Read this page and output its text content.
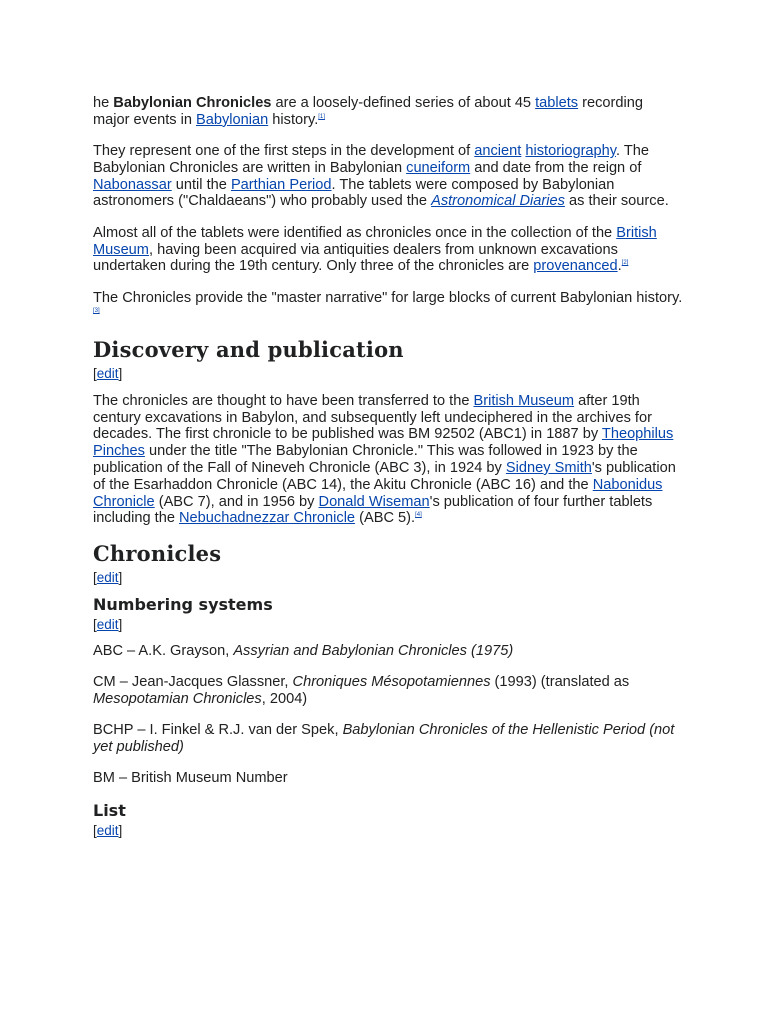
he Babylonian Chronicles are a loosely-defined series of about 45 tablets recording major events in Babylonian history.[1]

They represent one of the first steps in the development of ancient historiography. The Babylonian Chronicles are written in Babylonian cuneiform and date from the reign of Nabonassar until the Parthian Period. The tablets were composed by Babylonian astronomers ("Chaldaeans") who probably used the Astronomical Diaries as their source.

Almost all of the tablets were identified as chronicles once in the collection of the British Museum, having been acquired via antiquities dealers from unknown excavations undertaken during the 19th century. Only three of the chronicles are provenanced.[2]

The Chronicles provide the "master narrative" for large blocks of current Babylonian history.[3]

Discovery and publication
[edit]

The chronicles are thought to have been transferred to the British Museum after 19th century excavations in Babylon, and subsequently left undeciphered in the archives for decades. The first chronicle to be published was BM 92502 (ABC1) in 1887 by Theophilus Pinches under the title "The Babylonian Chronicle." This was followed in 1923 by the publication of the Fall of Nineveh Chronicle (ABC 3), in 1924 by Sidney Smith's publication of the Esarhaddon Chronicle (ABC 14), the Akitu Chronicle (ABC 16) and the Nabonidus Chronicle (ABC 7), and in 1956 by Donald Wiseman's publication of four further tablets including the Nebuchadnezzar Chronicle (ABC 5).[4]

Chronicles
[edit]
Numbering systems
[edit]

ABC – A.K. Grayson, Assyrian and Babylonian Chronicles (1975)

CM – Jean-Jacques Glassner, Chroniques Mésopotamiennes (1993) (translated as Mesopotamian Chronicles, 2004)

BCHP – I. Finkel & R.J. van der Spek, Babylonian Chronicles of the Hellenistic Period (not yet published)

BM – British Museum Number

List
[edit]
